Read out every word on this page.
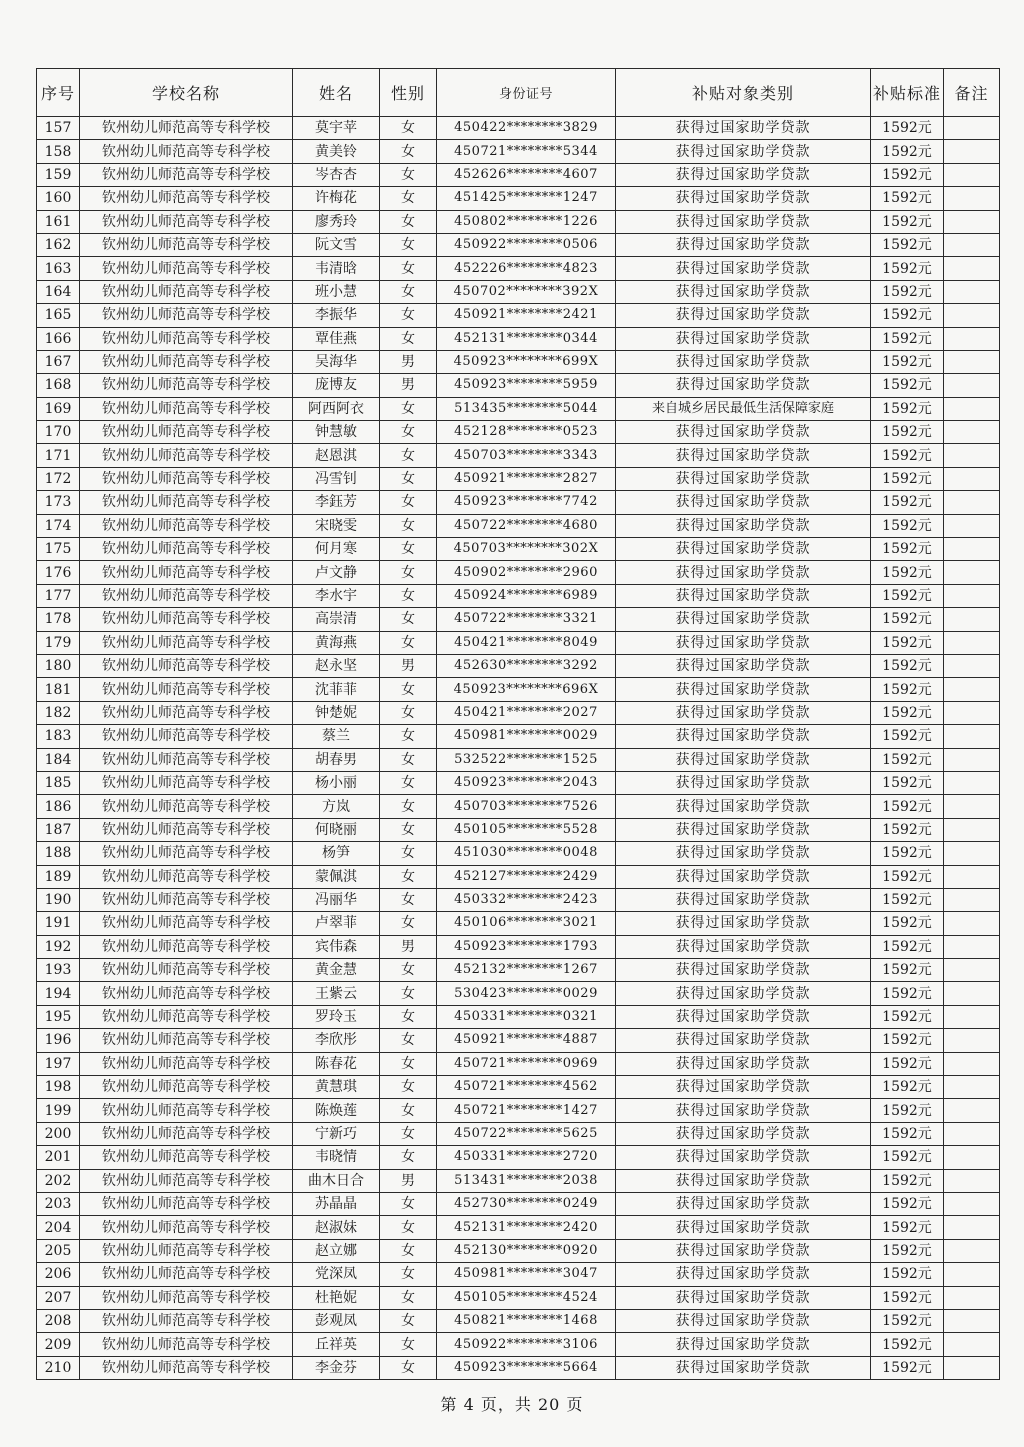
序号	学校名称	姓名	性别	身份证号	补贴对象类别	补贴标准	备注
157	钦州幼儿师范高等专科学校	莫宇苹	女	450422********3829	获得过国家助学贷款	1592元	
158	钦州幼儿师范高等专科学校	黄美铃	女	450721********5344	获得过国家助学贷款	1592元	
159	钦州幼儿师范高等专科学校	岑杏杏	女	452626********4607	获得过国家助学贷款	1592元	
160	钦州幼儿师范高等专科学校	许梅花	女	451425********1247	获得过国家助学贷款	1592元	
161	钦州幼儿师范高等专科学校	廖秀玲	女	450802********1226	获得过国家助学贷款	1592元	
162	钦州幼儿师范高等专科学校	阮文雪	女	450922********0506	获得过国家助学贷款	1592元	
163	钦州幼儿师范高等专科学校	韦清晗	女	452226********4823	获得过国家助学贷款	1592元	
164	钦州幼儿师范高等专科学校	班小慧	女	450702********392X	获得过国家助学贷款	1592元	
165	钦州幼儿师范高等专科学校	李振华	女	450921********2421	获得过国家助学贷款	1592元	
166	钦州幼儿师范高等专科学校	覃佳燕	女	452131********0344	获得过国家助学贷款	1592元	
167	钦州幼儿师范高等专科学校	吴海华	男	450923********699X	获得过国家助学贷款	1592元	
168	钦州幼儿师范高等专科学校	庞博友	男	450923********5959	获得过国家助学贷款	1592元	
169	钦州幼儿师范高等专科学校	阿西阿衣	女	513435********5044	来自城乡居民最低生活保障家庭	1592元	
170	钦州幼儿师范高等专科学校	钟慧敏	女	452128********0523	获得过国家助学贷款	1592元	
171	钦州幼儿师范高等专科学校	赵恩淇	女	450703********3343	获得过国家助学贷款	1592元	
172	钦州幼儿师范高等专科学校	冯雪钊	女	450921********2827	获得过国家助学贷款	1592元	
173	钦州幼儿师范高等专科学校	李鈺芳	女	450923********7742	获得过国家助学贷款	1592元	
174	钦州幼儿师范高等专科学校	宋晓雯	女	450722********4680	获得过国家助学贷款	1592元	
175	钦州幼儿师范高等专科学校	何月寒	女	450703********302X	获得过国家助学贷款	1592元	
176	钦州幼儿师范高等专科学校	卢文静	女	450902********2960	获得过国家助学贷款	1592元	
177	钦州幼儿师范高等专科学校	李水宇	女	450924********6989	获得过国家助学贷款	1592元	
178	钦州幼儿师范高等专科学校	高崇清	女	450722********3321	获得过国家助学贷款	1592元	
179	钦州幼儿师范高等专科学校	黄海燕	女	450421********8049	获得过国家助学贷款	1592元	
180	钦州幼儿师范高等专科学校	赵永坚	男	452630********3292	获得过国家助学贷款	1592元	
181	钦州幼儿师范高等专科学校	沈菲菲	女	450923********696X	获得过国家助学贷款	1592元	
182	钦州幼儿师范高等专科学校	钟楚妮	女	450421********2027	获得过国家助学贷款	1592元	
183	钦州幼儿师范高等专科学校	蔡兰	女	450981********0029	获得过国家助学贷款	1592元	
184	钦州幼儿师范高等专科学校	胡春男	女	532522********1525	获得过国家助学贷款	1592元	
185	钦州幼儿师范高等专科学校	杨小丽	女	450923********2043	获得过国家助学贷款	1592元	
186	钦州幼儿师范高等专科学校	方岚	女	450703********7526	获得过国家助学贷款	1592元	
187	钦州幼儿师范高等专科学校	何晓丽	女	450105********5528	获得过国家助学贷款	1592元	
188	钦州幼儿师范高等专科学校	杨笋	女	451030********0048	获得过国家助学贷款	1592元	
189	钦州幼儿师范高等专科学校	蒙佩淇	女	452127********2429	获得过国家助学贷款	1592元	
190	钦州幼儿师范高等专科学校	冯丽华	女	450332********2423	获得过国家助学贷款	1592元	
191	钦州幼儿师范高等专科学校	卢翠菲	女	450106********3021	获得过国家助学贷款	1592元	
192	钦州幼儿师范高等专科学校	宾伟森	男	450923********1793	获得过国家助学贷款	1592元	
193	钦州幼儿师范高等专科学校	黄金慧	女	452132********1267	获得过国家助学贷款	1592元	
194	钦州幼儿师范高等专科学校	王紫云	女	530423********0029	获得过国家助学贷款	1592元	
195	钦州幼儿师范高等专科学校	罗玲玉	女	450331********0321	获得过国家助学贷款	1592元	
196	钦州幼儿师范高等专科学校	李欣彤	女	450921********4887	获得过国家助学贷款	1592元	
197	钦州幼儿师范高等专科学校	陈春花	女	450721********0969	获得过国家助学贷款	1592元	
198	钦州幼儿师范高等专科学校	黄慧琪	女	450721********4562	获得过国家助学贷款	1592元	
199	钦州幼儿师范高等专科学校	陈焕莲	女	450721********1427	获得过国家助学贷款	1592元	
200	钦州幼儿师范高等专科学校	宁新巧	女	450722********5625	获得过国家助学贷款	1592元	
201	钦州幼儿师范高等专科学校	韦晓情	女	450331********2720	获得过国家助学贷款	1592元	
202	钦州幼儿师范高等专科学校	曲木日合	男	513431********2038	获得过国家助学贷款	1592元	
203	钦州幼儿师范高等专科学校	苏晶晶	女	452730********0249	获得过国家助学贷款	1592元	
204	钦州幼儿师范高等专科学校	赵淑妹	女	452131********2420	获得过国家助学贷款	1592元	
205	钦州幼儿师范高等专科学校	赵立娜	女	452130********0920	获得过国家助学贷款	1592元	
206	钦州幼儿师范高等专科学校	党深凤	女	450981********3047	获得过国家助学贷款	1592元	
207	钦州幼儿师范高等专科学校	杜艳妮	女	450105********4524	获得过国家助学贷款	1592元	
208	钦州幼儿师范高等专科学校	彭观凤	女	450821********1468	获得过国家助学贷款	1592元	
209	钦州幼儿师范高等专科学校	丘祥英	女	450922********3106	获得过国家助学贷款	1592元	
210	钦州幼儿师范高等专科学校	李金芬	女	450923********5664	获得过国家助学贷款	1592元	
第 4 页，共 20 页
